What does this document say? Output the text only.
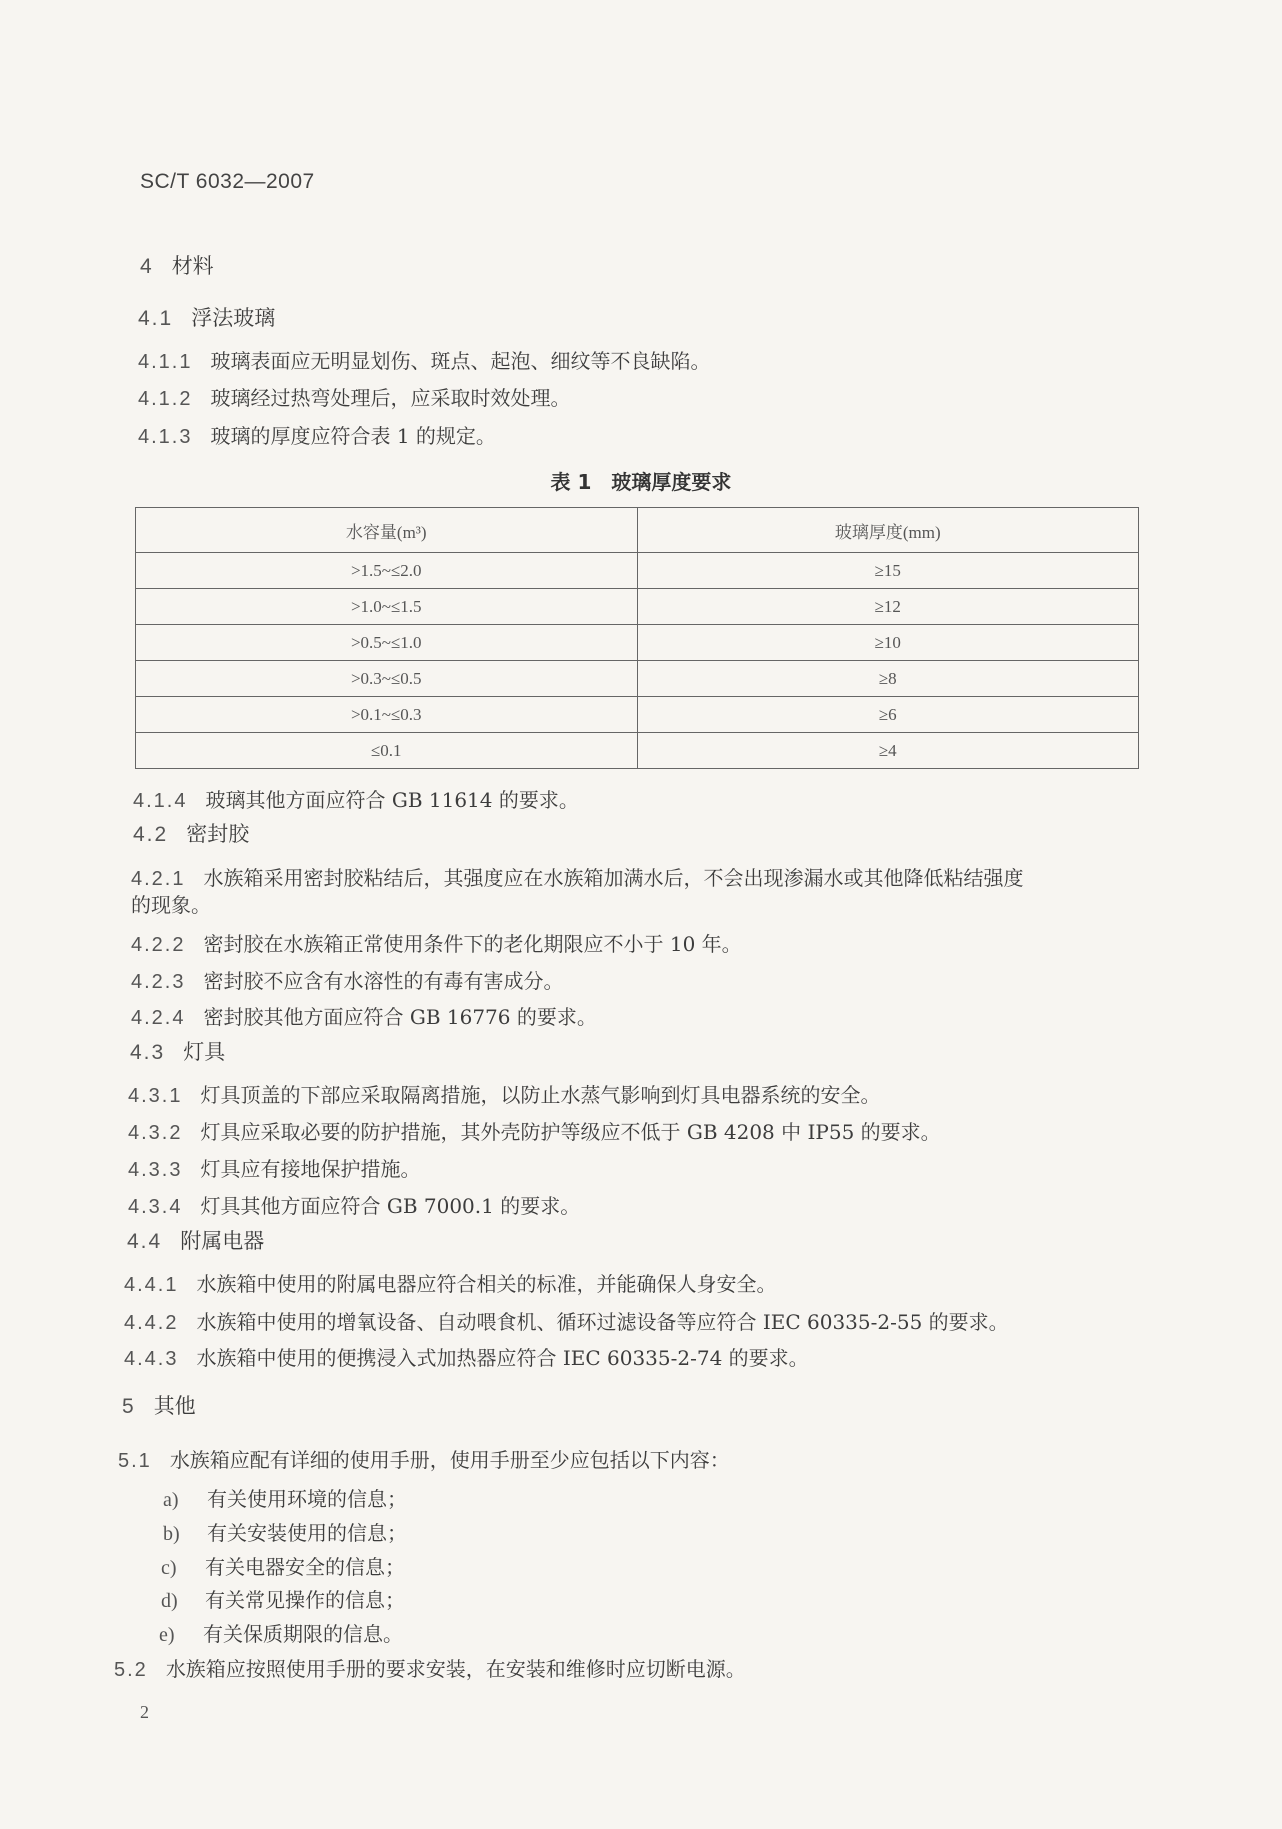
SC/T 6032—2007
4 材料
4.1 浮法玻璃
4.1.1 玻璃表面应无明显划伤、斑点、起泡、细纹等不良缺陷。
4.1.2 玻璃经过热弯处理后，应采取时效处理。
4.1.3 玻璃的厚度应符合表 1 的规定。
表 1　玻璃厚度要求
水容量(m³)	玻璃厚度(mm)
>1.5~≤2.0	≥15
>1.0~≤1.5	≥12
>0.5~≤1.0	≥10
>0.3~≤0.5	≥8
>0.1~≤0.3	≥6
≤0.1	≥4
4.1.4 玻璃其他方面应符合 GB 11614 的要求。
4.2 密封胶
4.2.1 水族箱采用密封胶粘结后，其强度应在水族箱加满水后，不会出现渗漏水或其他降低粘结强度
的现象。
4.2.2 密封胶在水族箱正常使用条件下的老化期限应不小于 10 年。
4.2.3 密封胶不应含有水溶性的有毒有害成分。
4.2.4 密封胶其他方面应符合 GB 16776 的要求。
4.3 灯具
4.3.1 灯具顶盖的下部应采取隔离措施，以防止水蒸气影响到灯具电器系统的安全。
4.3.2 灯具应采取必要的防护措施，其外壳防护等级应不低于 GB 4208 中 IP55 的要求。
4.3.3 灯具应有接地保护措施。
4.3.4 灯具其他方面应符合 GB 7000.1 的要求。
4.4 附属电器
4.4.1 水族箱中使用的附属电器应符合相关的标准，并能确保人身安全。
4.4.2 水族箱中使用的增氧设备、自动喂食机、循环过滤设备等应符合 IEC 60335-2-55 的要求。
4.4.3 水族箱中使用的便携浸入式加热器应符合 IEC 60335-2-74 的要求。
5 其他
5.1 水族箱应配有详细的使用手册，使用手册至少应包括以下内容：
a) 有关使用环境的信息；
b) 有关安装使用的信息；
c) 有关电器安全的信息；
d) 有关常见操作的信息；
e) 有关保质期限的信息。
5.2 水族箱应按照使用手册的要求安装，在安装和维修时应切断电源。
2
